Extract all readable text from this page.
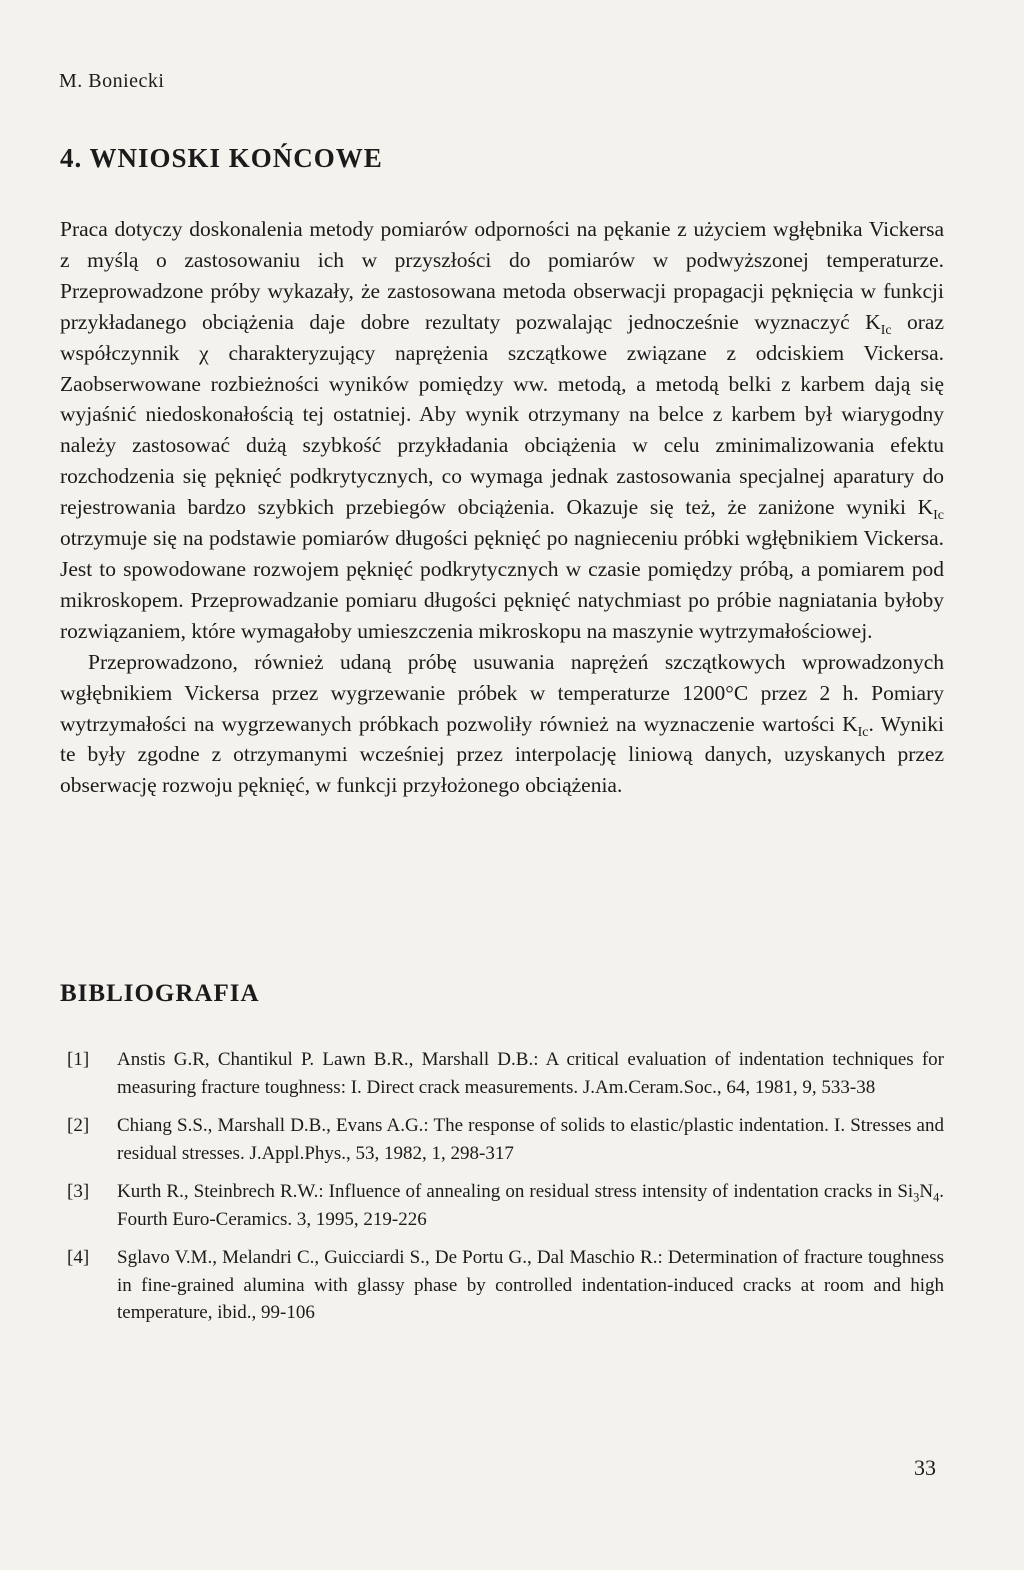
M. Boniecki
4. WNIOSKI KOŃCOWE

Praca dotyczy doskonalenia metody pomiarów odporności na pękanie z użyciem wgłębnika Vickersa z myślą o zastosowaniu ich w przyszłości do pomiarów w podwyższonej temperaturze. Przeprowadzone próby wykazały, że zastosowana metoda obserwacji propagacji pęknięcia w funkcji przykładanego obciążenia daje dobre rezultaty pozwalając jednocześnie wyznaczyć $K_{Ic}$ oraz współczynnik χ charakteryzujący naprężenia szczątkowe związane z odciskiem Vickersa. Zaobserwowane rozbieżności wyników pomiędzy ww. metodą, a metodą belki z karbem dają się wyjaśnić niedoskonałością tej ostatniej. Aby wynik otrzymany na belce z karbem był wiarygodny należy zastosować dużą szybkość przykładania obciążenia w celu zminimalizowania efektu rozchodzenia się pęknięć podkrytycznych, co wymaga jednak zastosowania specjalnej aparatury do rejestrowania bardzo szybkich przebiegów obciążenia. Okazuje się też, że zaniżone wyniki $K_{Ic}$ otrzymuje się na podstawie pomiarów długości pęknięć po nagnieceniu próbki wgłębnikiem Vickersa. Jest to spowodowane rozwojem pęknięć podkrytycznych w czasie pomiędzy próbą, a pomiarem pod mikroskopem. Przeprowadzanie pomiaru długości pęknięć natychmiast po próbie nagniatania byłoby rozwiązaniem, które wymagałoby umieszczenia mikroskopu na maszynie wytrzymałościowej.

Przeprowadzono, również udaną próbę usuwania naprężeń szczątkowych wprowadzonych wgłębnikiem Vickersa przez wygrzewanie próbek w temperaturze 1200°C przez 2 h. Pomiary wytrzymałości na wygrzewanych próbkach pozwoliły również na wyznaczenie wartości $K_{Ic}$. Wyniki te były zgodne z otrzymanymi wcześniej przez interpolację liniową danych, uzyskanych przez obserwację rozwoju pęknięć, w funkcji przyłożonego obciążenia.

BIBLIOGRAFIA
[1] Anstis G.R, Chantikul P. Lawn B.R., Marshall D.B.: A critical evaluation of indentation techniques for measuring fracture toughness: I. Direct crack measurements. J.Am.Ceram.Soc., 64, 1981, 9, 533-38
[2] Chiang S.S., Marshall D.B., Evans A.G.: The response of solids to elastic/plastic indentation. I. Stresses and residual stresses. J.Appl.Phys., 53, 1982, 1, 298-317
[3] Kurth R., Steinbrech R.W.: Influence of annealing on residual stress intensity of indentation cracks in $Si_3N_4$. Fourth Euro-Ceramics. 3, 1995, 219-226
[4] Sglavo V.M., Melandri C., Guicciardi S., De Portu G., Dal Maschio R.: Determination of fracture toughness in fine-grained alumina with glassy phase by controlled indentation-induced cracks at room and high temperature, ibid., 99-106
33
